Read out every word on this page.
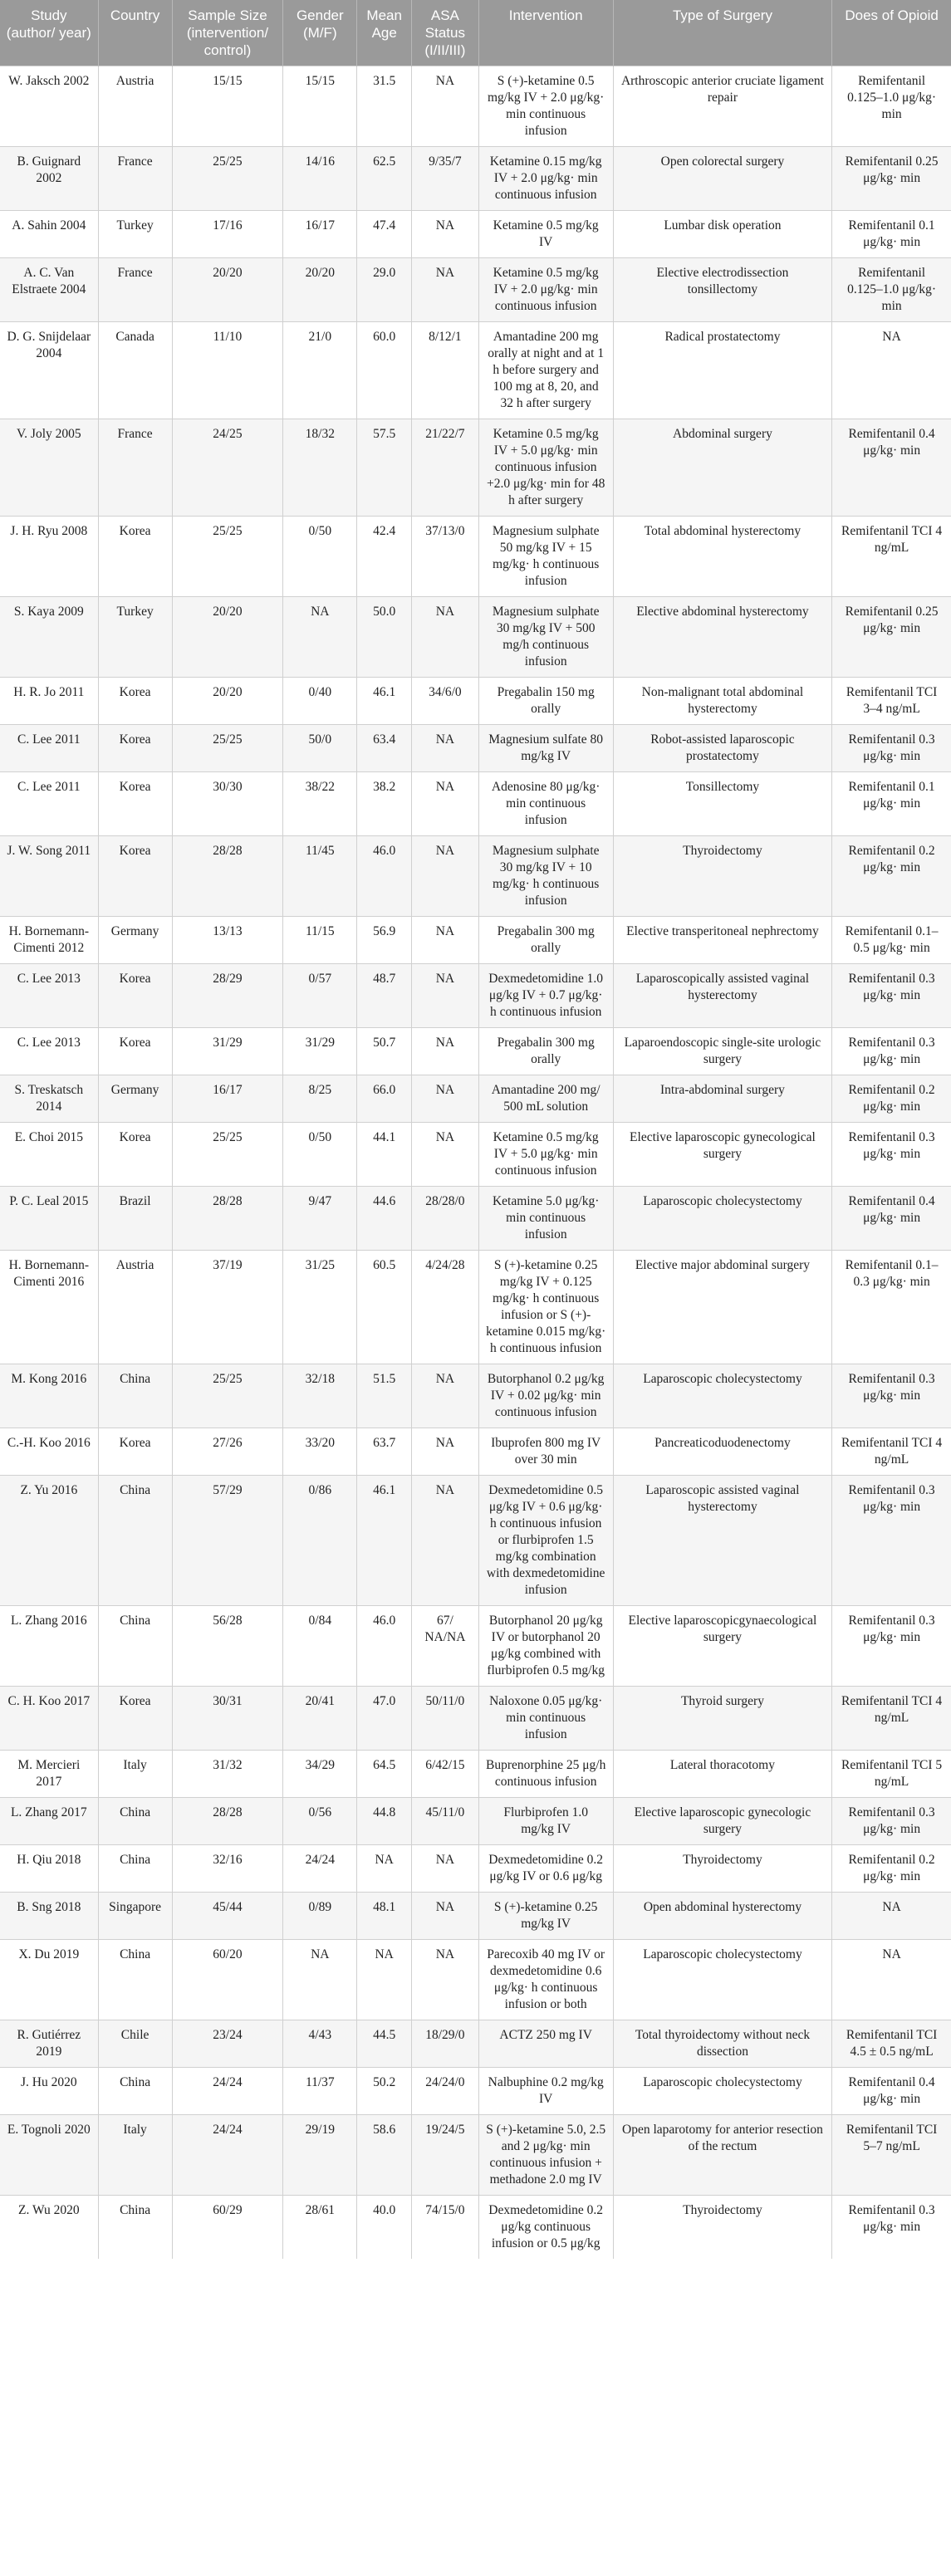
Study (author/ year)	Country	Sample Size (intervention/ control)	Gender (M/F)	Mean Age	ASA Status (I/II/III)	Intervention	Type of Surgery	Does of Opioid
W. Jaksch 2002	Austria	15/15	15/15	31.5	NA	S (+)-ketamine 0.5 mg/kg IV + 2.0 μg/kg· min continuous infusion	Arthroscopic anterior cruciate ligament repair	Remifentanil 0.125–1.0 μg/kg· min
B. Guignard 2002	France	25/25	14/16	62.5	9/35/7	Ketamine 0.15 mg/kg IV + 2.0 μg/kg· min continuous infusion	Open colorectal surgery	Remifentanil 0.25 μg/kg· min
A. Sahin 2004	Turkey	17/16	16/17	47.4	NA	Ketamine 0.5 mg/kg IV	Lumbar disk operation	Remifentanil 0.1 μg/kg· min
A. C. Van Elstraete 2004	France	20/20	20/20	29.0	NA	Ketamine 0.5 mg/kg IV + 2.0 μg/kg· min continuous infusion	Elective electrodissection tonsillectomy	Remifentanil 0.125–1.0 μg/kg· min
D. G. Snijdelaar 2004	Canada	11/10	21/0	60.0	8/12/1	Amantadine 200 mg orally at night and at 1 h before surgery and 100 mg at 8, 20, and 32 h after surgery	Radical prostatectomy	NA
V. Joly 2005	France	24/25	18/32	57.5	21/22/7	Ketamine 0.5 mg/kg IV + 5.0 μg/kg· min continuous infusion +2.0 μg/kg· min for 48 h after surgery	Abdominal surgery	Remifentanil 0.4 μg/kg· min
J. H. Ryu 2008	Korea	25/25	0/50	42.4	37/13/0	Magnesium sulphate 50 mg/kg IV + 15 mg/kg· h continuous infusion	Total abdominal hysterectomy	Remifentanil TCI 4 ng/mL
S. Kaya 2009	Turkey	20/20	NA	50.0	NA	Magnesium sulphate 30 mg/kg IV + 500 mg/h continuous infusion	Elective abdominal hysterectomy	Remifentanil 0.25 μg/kg· min
H. R. Jo 2011	Korea	20/20	0/40	46.1	34/6/0	Pregabalin 150 mg orally	Non-malignant total abdominal hysterectomy	Remifentanil TCI 3–4 ng/mL
C. Lee 2011	Korea	25/25	50/0	63.4	NA	Magnesium sulfate 80 mg/kg IV	Robot-assisted laparoscopic prostatectomy	Remifentanil 0.3 μg/kg· min
C. Lee 2011	Korea	30/30	38/22	38.2	NA	Adenosine 80 μg/kg· min continuous infusion	Tonsillectomy	Remifentanil 0.1 μg/kg· min
J. W. Song 2011	Korea	28/28	11/45	46.0	NA	Magnesium sulphate 30 mg/kg IV + 10 mg/kg· h continuous infusion	Thyroidectomy	Remifentanil 0.2 μg/kg· min
H. Bornemann-Cimenti 2012	Germany	13/13	11/15	56.9	NA	Pregabalin 300 mg orally	Elective transperitoneal nephrectomy	Remifentanil 0.1–0.5 μg/kg· min
C. Lee 2013	Korea	28/29	0/57	48.7	NA	Dexmedetomidine 1.0 μg/kg IV + 0.7 μg/kg· h continuous infusion	Laparoscopically assisted vaginal hysterectomy	Remifentanil 0.3 μg/kg· min
C. Lee 2013	Korea	31/29	31/29	50.7	NA	Pregabalin 300 mg orally	Laparoendoscopic single-site urologic surgery	Remifentanil 0.3 μg/kg· min
S. Treskatsch 2014	Germany	16/17	8/25	66.0	NA	Amantadine 200 mg/ 500 mL solution	Intra-abdominal surgery	Remifentanil 0.2 μg/kg· min
E. Choi 2015	Korea	25/25	0/50	44.1	NA	Ketamine 0.5 mg/kg IV + 5.0 μg/kg· min continuous infusion	Elective laparoscopic gynecological surgery	Remifentanil 0.3 μg/kg· min
P. C. Leal 2015	Brazil	28/28	9/47	44.6	28/28/0	Ketamine 5.0 μg/kg· min continuous infusion	Laparoscopic cholecystectomy	Remifentanil 0.4 μg/kg· min
H. Bornemann-Cimenti 2016	Austria	37/19	31/25	60.5	4/24/28	S (+)-ketamine 0.25 mg/kg IV + 0.125 mg/kg· h continuous infusion or S (+)-ketamine 0.015 mg/kg· h continuous infusion	Elective major abdominal surgery	Remifentanil 0.1–0.3 μg/kg· min
M. Kong 2016	China	25/25	32/18	51.5	NA	Butorphanol 0.2 μg/kg IV + 0.02 μg/kg· min continuous infusion	Laparoscopic cholecystectomy	Remifentanil 0.3 μg/kg· min
C.-H. Koo 2016	Korea	27/26	33/20	63.7	NA	Ibuprofen 800 mg IV over 30 min	Pancreaticoduodenectomy	Remifentanil TCI 4 ng/mL
Z. Yu 2016	China	57/29	0/86	46.1	NA	Dexmedetomidine 0.5 μg/kg IV + 0.6 μg/kg· h continuous infusion or flurbiprofen 1.5 mg/kg combination with dexmedetomidine infusion	Laparoscopic assisted vaginal hysterectomy	Remifentanil 0.3 μg/kg· min
L. Zhang 2016	China	56/28	0/84	46.0	67/ NA/NA	Butorphanol 20 μg/kg IV or butorphanol 20 μg/kg combined with flurbiprofen 0.5 mg/kg	Elective laparoscopicgynaecological surgery	Remifentanil 0.3 μg/kg· min
C. H. Koo 2017	Korea	30/31	20/41	47.0	50/11/0	Naloxone 0.05 μg/kg· min continuous infusion	Thyroid surgery	Remifentanil TCI 4 ng/mL
M. Mercieri 2017	Italy	31/32	34/29	64.5	6/42/15	Buprenorphine 25 μg/h continuous infusion	Lateral thoracotomy	Remifentanil TCI 5 ng/mL
L. Zhang 2017	China	28/28	0/56	44.8	45/11/0	Flurbiprofen 1.0 mg/kg IV	Elective laparoscopic gynecologic surgery	Remifentanil 0.3 μg/kg· min
H. Qiu 2018	China	32/16	24/24	NA	NA	Dexmedetomidine 0.2 μg/kg IV or 0.6 μg/kg	Thyroidectomy	Remifentanil 0.2 μg/kg· min
B. Sng 2018	Singapore	45/44	0/89	48.1	NA	S (+)-ketamine 0.25 mg/kg IV	Open abdominal hysterectomy	NA
X. Du 2019	China	60/20	NA	NA	NA	Parecoxib 40 mg IV or dexmedetomidine 0.6 μg/kg· h continuous infusion or both	Laparoscopic cholecystectomy	NA
R. Gutiérrez 2019	Chile	23/24	4/43	44.5	18/29/0	ACTZ 250 mg IV	Total thyroidectomy without neck dissection	Remifentanil TCI 4.5 ± 0.5 ng/mL
J. Hu 2020	China	24/24	11/37	50.2	24/24/0	Nalbuphine 0.2 mg/kg IV	Laparoscopic cholecystectomy	Remifentanil 0.4 μg/kg· min
E. Tognoli 2020	Italy	24/24	29/19	58.6	19/24/5	S (+)-ketamine 5.0, 2.5 and 2 μg/kg· min continuous infusion + methadone 2.0 mg IV	Open laparotomy for anterior resection of the rectum	Remifentanil TCI 5–7 ng/mL
Z. Wu 2020	China	60/29	28/61	40.0	74/15/0	Dexmedetomidine 0.2 μg/kg continuous infusion or 0.5 μg/kg	Thyroidectomy	Remifentanil 0.3 μg/kg· min
